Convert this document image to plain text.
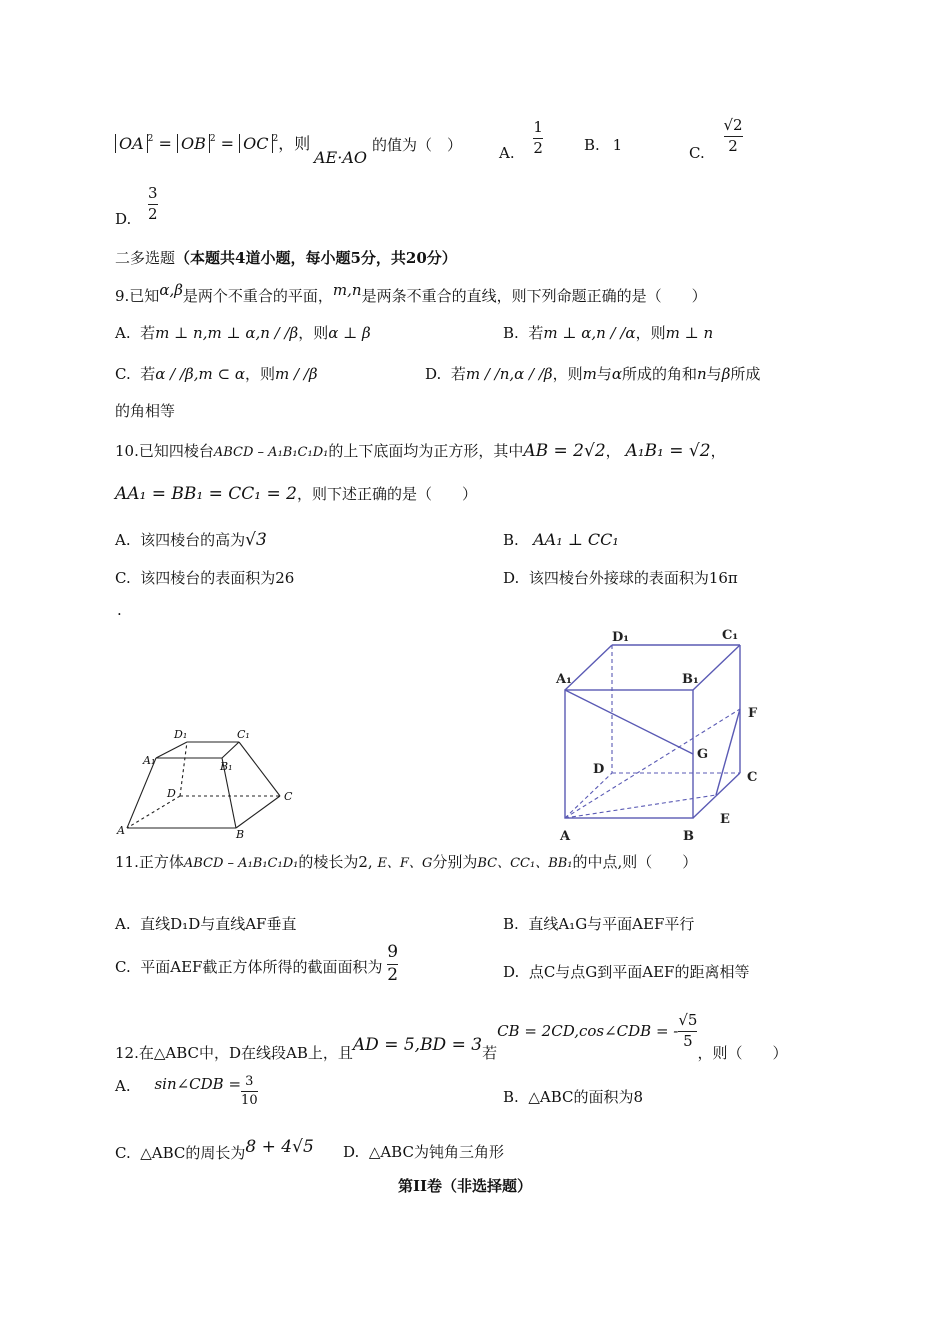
OA $^2$ = OB $^2$ = OC $^2$，则
AE·AO
的值为（　） A. $\frac{1}{2}$	B. 1	C. $\frac{√2}{2}$
D. $\frac{3}{2}$
二多选题（本题共4道小题，每小题5分，共20分）
9.已知α,β是两个不重合的平面，m,n是两条不重合的直线，则下列命题正确的是（　　）
A. 若m ⊥ n,m ⊥ α,n / /β，则α ⊥ β	B. 若m ⊥ α,n / /α，则m ⊥ n
C. 若α / /β,m ⊂ α，则m / /β	D. 若m / /n,α / /β，则m与α所成的角和n与β所成
的角相等
10.已知四棱台ABCD – A₁B₁C₁D₁的上下底面均为正方形，其中AB = 2√2， A₁B₁ = √2，
AA₁ = BB₁ = CC₁ = 2，则下述正确的是（　　）
A. 该四棱台的高为√3	B. AA₁ ⊥ CC₁
C. 该四棱台的表面积为26	D. 该四棱台外接球的表面积为16π
.
D₁	C₁
A₁	B₁
D	C
A	B
D₁	C₁
A₁	B₁
F
G
D
C
E
A	B
11.正方体ABCD – A₁B₁C₁D₁的棱长为2, E、F、G分别为BC、CC₁、BB₁的中点,则（　　）
A. 直线D₁D与直线AF垂直	B. 直线A₁G与平面AEF平行
C. 平面AEF截正方体所得的截面面积为 $\frac{9}{2}$	D. 点C与点G到平面AEF的距离相等
12.在△ABC中，D在线段AB上，且AD = 5,BD = 3若CB = 2CD,cos∠CDB = - $\frac{√5}{5}$
，则（　　）
A. sin∠CDB = $\frac{3}{10}$	B. △ABC的面积为8
C. △ABC的周长为8 + 4√5 D. △ABC为钝角三角形
第II卷（非选择题）
